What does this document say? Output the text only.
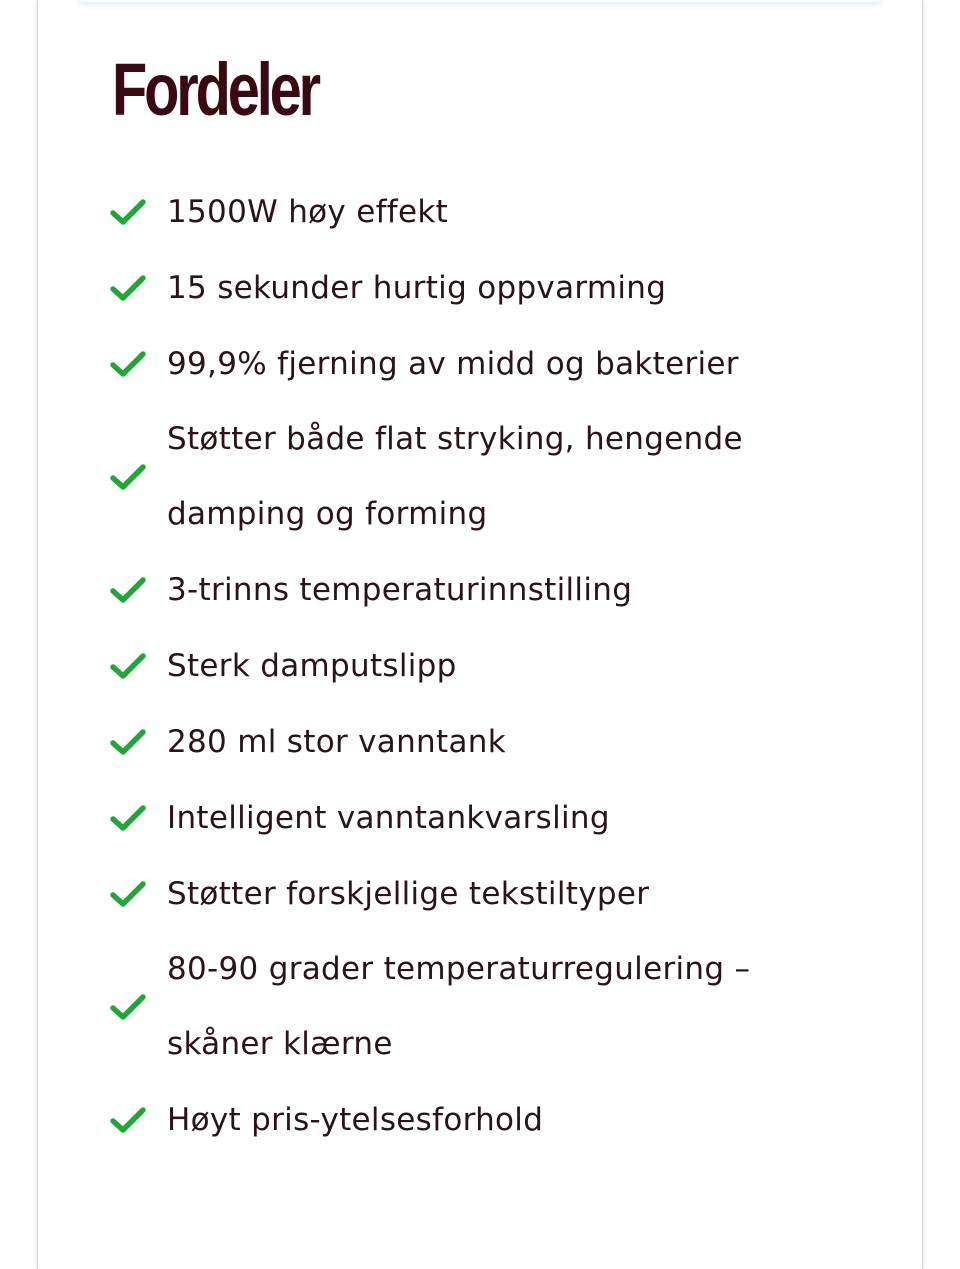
Fordeler
1500W høy effekt
15 sekunder hurtig oppvarming
99,9% fjerning av midd og bakterier
Støtter både flat stryking, hengende damping og forming
3-trinns temperaturinnstilling
Sterk damputslipp
280 ml stor vanntank
Intelligent vanntankvarsling
Støtter forskjellige tekstiltyper
80-90 grader temperaturregulering – skåner klærne
Høyt pris-ytelsesforhold
